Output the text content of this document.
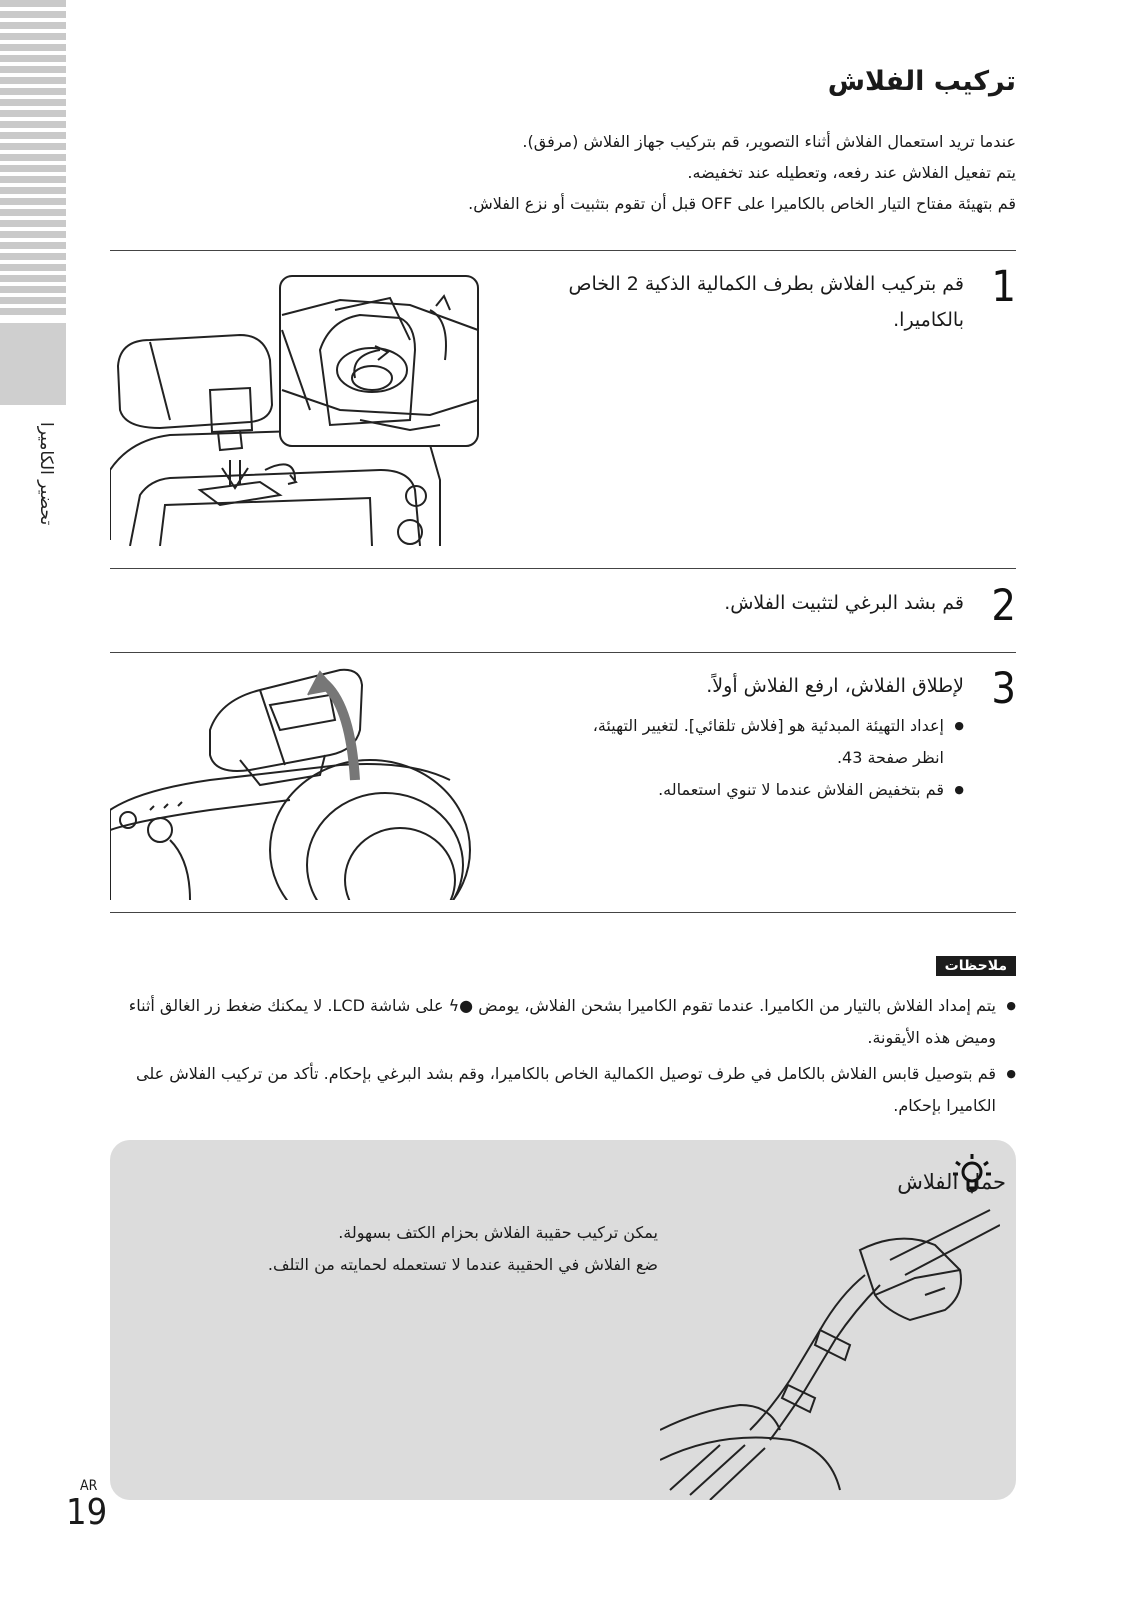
تحضير الكاميرا
تركيب الفلاش

عندما تريد استعمال الفلاش أثناء التصوير، قم بتركيب جهاز الفلاش (مرفق).

يتم تفعيل الفلاش عند رفعه، وتعطيله عند تخفيضه.

قم بتهيئة مفتاح التيار الخاص بالكاميرا على OFF قبل أن تقوم بتثبيت أو نزع الفلاش.

1
قم بتركيب الفلاش بطرف الكمالية الذكية 2 الخاص بالكاميرا.
2
قم بشد البرغي لتثبيت الفلاش.
3
لإطلاق الفلاش، ارفع الفلاش أولاً.
● إعداد التهيئة المبدئية هو [فلاش تلقائي]. لتغيير التهيئة، انظر صفحة 43.
● قم بتخفيض الفلاش عندما لا تنوي استعماله.
ملاحظات
● يتم إمداد الفلاش بالتيار من الكاميرا. عندما تقوم الكاميرا بشحن الفلاش، يومض ●ϟ على شاشة LCD. لا يمكنك ضغط زر الغالق أثناء وميض هذه الأيقونة.
● قم بتوصيل قابس الفلاش بالكامل في طرف توصيل الكمالية الخاص بالكاميرا، وقم بشد البرغي بإحكام. تأكد من تركيب الفلاش على الكاميرا بإحكام.
حمل الفلاش

يمكن تركيب حقيبة الفلاش بحزام الكتف بسهولة.

ضع الفلاش في الحقيبة عندما لا تستعمله لحمايته من التلف.

AR
19
